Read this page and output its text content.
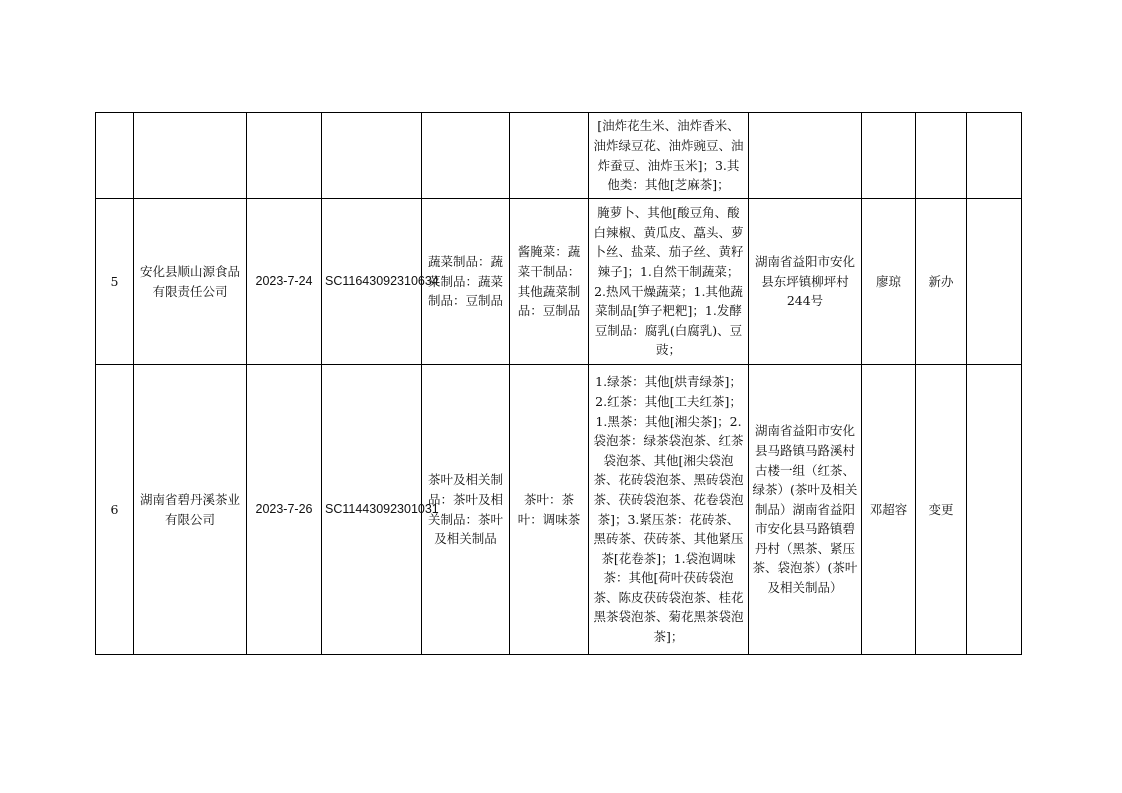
						[油炸花生米、油炸香米、油炸绿豆花、油炸豌豆、油炸蚕豆、油炸玉米]；3.其他类：其他[芝麻茶]；				

5	安化县顺山源食品有限责任公司	2023-7-24	SC11643092310634	蔬菜制品：蔬菜制品：蔬菜制品：豆制品	酱腌菜：蔬菜干制品：其他蔬菜制品：豆制品	腌萝卜、其他[酸豆角、酸白辣椒、黄瓜皮、藠头、萝卜丝、盐菜、茄子丝、黄籽辣子]；1.自然干制蔬菜；2.热风干燥蔬菜；1.其他蔬菜制品[笋子粑粑]；1.发酵豆制品：腐乳(白腐乳)、豆豉；	湖南省益阳市安化县东坪镇柳坪村244号	廖琼	新办	
6	湖南省碧丹溪茶业有限公司	2023-7-26	SC11443092301031	茶叶及相关制品：茶叶及相关制品：茶叶及相关制品	茶叶：茶叶：调味茶	1.绿茶：其他[烘青绿茶]；2.红茶：其他[工夫红茶]；1.黑茶：其他[湘尖茶]；2.袋泡茶：绿茶袋泡茶、红茶袋泡茶、其他[湘尖袋泡茶、花砖袋泡茶、黑砖袋泡茶、茯砖袋泡茶、花卷袋泡茶]；3.紧压茶：花砖茶、黑砖茶、茯砖茶、其他紧压茶[花卷茶]；1.袋泡调味茶：其他[荷叶茯砖袋泡茶、陈皮茯砖袋泡茶、桂花黑茶袋泡茶、菊花黑茶袋泡茶]；	湖南省益阳市安化县马路镇马路溪村古楼一组（红茶、绿茶）(茶叶及相关制品）湖南省益阳市安化县马路镇碧丹村（黑茶、紧压茶、袋泡茶）(茶叶及相关制品）	邓超容	变更	
